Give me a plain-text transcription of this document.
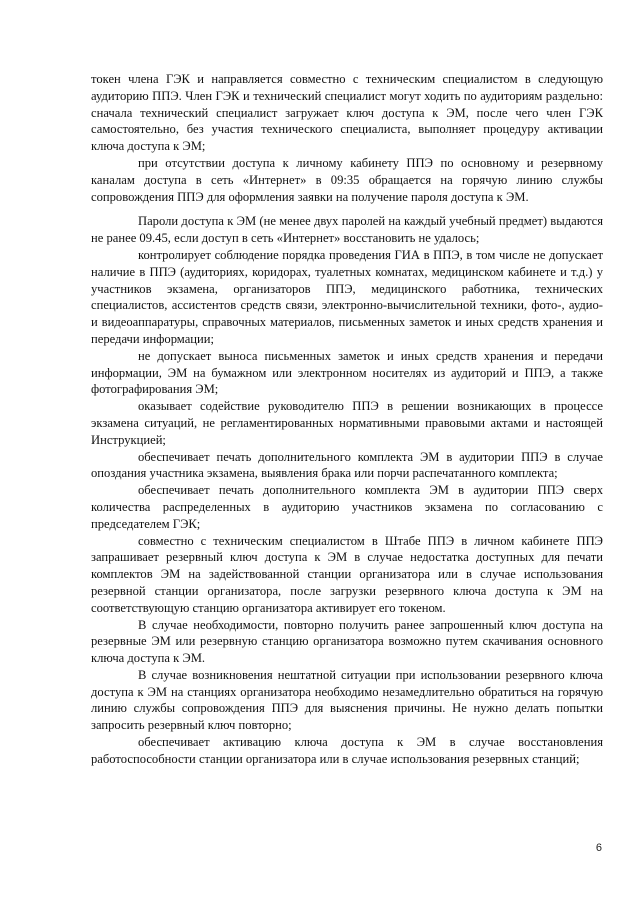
токен члена ГЭК и направляется совместно с техническим специалистом в следующую аудиторию ППЭ. Член ГЭК и технический специалист могут ходить по аудиториям раздельно: сначала технический специалист загружает ключ доступа к ЭМ, после чего член ГЭК самостоятельно, без участия технического специалиста, выполняет процедуру активации ключа доступа к ЭМ;

при отсутствии доступа к личному кабинету ППЭ по основному и резервному каналам доступа в сеть «Интернет» в 09:35 обращается на горячую линию службы сопровождения ППЭ для оформления заявки на получение пароля доступа к ЭМ.

Пароли доступа к ЭМ (не менее двух паролей на каждый учебный предмет) выдаются не ранее 09.45, если доступ в сеть «Интернет» восстановить не удалось;

контролирует соблюдение порядка проведения ГИА в ППЭ, в том числе не допускает наличие в ППЭ (аудиториях, коридорах, туалетных комнатах, медицинском кабинете и т.д.) у участников экзамена, организаторов ППЭ, медицинского работника, технических специалистов, ассистентов средств связи, электронно-вычислительной техники, фото-, аудио- и видеоаппаратуры, справочных материалов, письменных заметок и иных средств хранения и передачи информации;

не допускает выноса письменных заметок и иных средств хранения и передачи информации, ЭМ на бумажном или электронном носителях из аудиторий и ППЭ, а также фотографирования ЭМ;

оказывает содействие руководителю ППЭ в решении возникающих в процессе экзамена ситуаций, не регламентированных нормативными правовыми актами и настоящей Инструкцией;

обеспечивает печать дополнительного комплекта ЭМ в аудитории ППЭ в случае опоздания участника экзамена, выявления брака или порчи распечатанного комплекта;

обеспечивает печать дополнительного комплекта ЭМ в аудитории ППЭ сверх количества распределенных в аудиторию участников экзамена по согласованию с председателем ГЭК;

совместно с техническим специалистом в Штабе ППЭ в личном кабинете ППЭ запрашивает резервный ключ доступа к ЭМ в случае недостатка доступных для печати комплектов ЭМ на задействованной станции организатора или в случае использования резервной станции организатора, после загрузки резервного ключа доступа к ЭМ на соответствующую станцию организатора активирует его токеном.

В случае необходимости, повторно получить ранее запрошенный ключ доступа на резервные ЭМ или резервную станцию организатора возможно путем скачивания основного ключа доступа к ЭМ.

В случае возникновения нештатной ситуации при использовании резервного ключа доступа к ЭМ на станциях организатора необходимо незамедлительно обратиться на горячую линию службы сопровождения ППЭ для выяснения причины. Не нужно делать попытки запросить резервный ключ повторно;

обеспечивает активацию ключа доступа к ЭМ в случае восстановления работоспособности станции организатора или в случае использования резервных станций;

6
